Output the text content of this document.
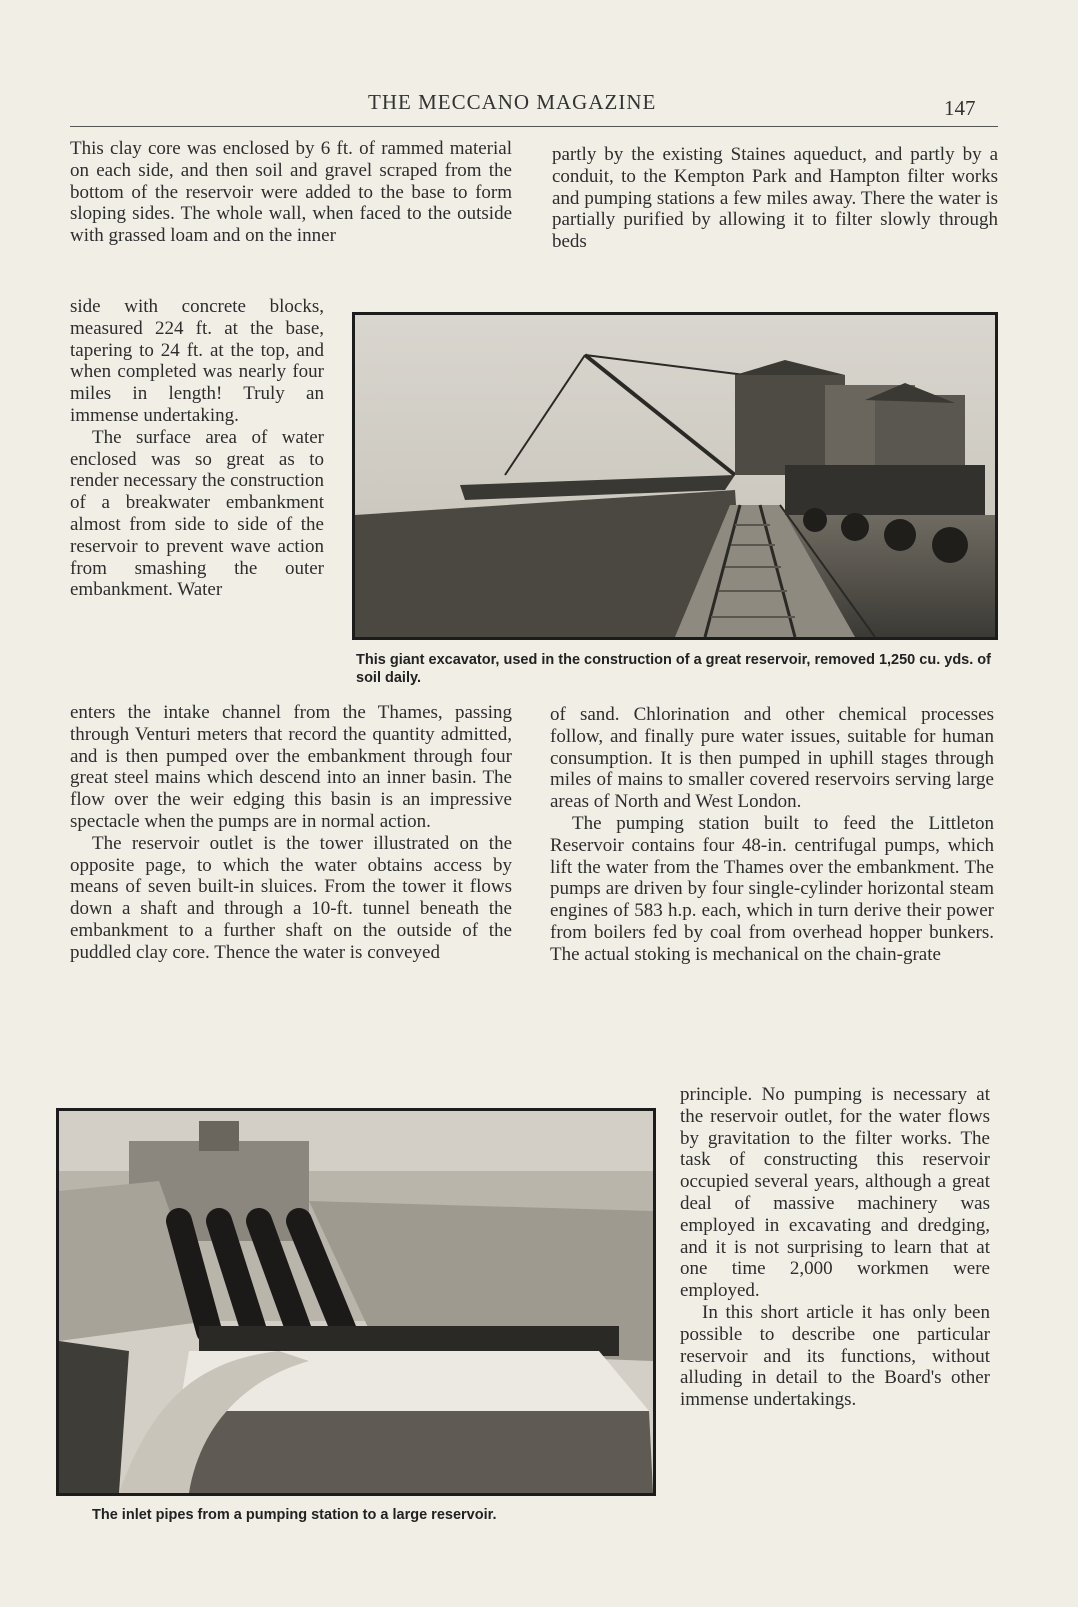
THE MECCANO MAGAZINE	147

This clay core was enclosed by 6 ft. of rammed material on each side, and then soil and gravel scraped from the bottom of the reservoir were added to the base to form sloping sides. The whole wall, when faced to the outside with grassed loam and on the inner

side with concrete blocks, measured 224 ft. at the base, tapering to 24 ft. at the top, and when completed was nearly four miles in length! Truly an immense undertaking.

The surface area of water enclosed was so great as to render necessary the construction of a breakwater embankment almost from side to side of the reservoir to prevent wave action from smashing the outer embankment. Water

partly by the existing Staines aqueduct, and partly by a conduit, to the Kempton Park and Hampton filter works and pumping stations a few miles away. There the water is partially purified by allowing it to filter slowly through beds

This giant excavator, used in the construction of a great reservoir, removed 1,250 cu. yds. of soil daily.

enters the intake channel from the Thames, passing through Venturi meters that record the quantity admitted, and is then pumped over the embankment through four great steel mains which descend into an inner basin. The flow over the weir edging this basin is an impressive spectacle when the pumps are in normal action.

The reservoir outlet is the tower illustrated on the opposite page, to which the water obtains access by means of seven built-in sluices. From the tower it flows down a shaft and through a 10-ft. tunnel beneath the embankment to a further shaft on the outside of the puddled clay core. Thence the water is conveyed

of sand. Chlorination and other chemical processes follow, and finally pure water issues, suitable for human consumption. It is then pumped in uphill stages through miles of mains to smaller covered reservoirs serving large areas of North and West London.

The pumping station built to feed the Littleton Reservoir contains four 48-in. centrifugal pumps, which lift the water from the Thames over the embankment. The pumps are driven by four single-cylinder horizontal steam engines of 583 h.p. each, which in turn derive their power from boilers fed by coal from overhead hopper bunkers. The actual stoking is mechanical on the chain-grate

The inlet pipes from a pumping station to a large reservoir.

principle. No pumping is necessary at the reservoir outlet, for the water flows by gravitation to the filter works. The task of constructing this reservoir occupied several years, although a great deal of massive machinery was employed in excavating and dredging, and it is not surprising to learn that at one time 2,000 workmen were employed.

In this short article it has only been possible to describe one particular reservoir and its functions, without alluding in detail to the Board's other immense undertakings.
